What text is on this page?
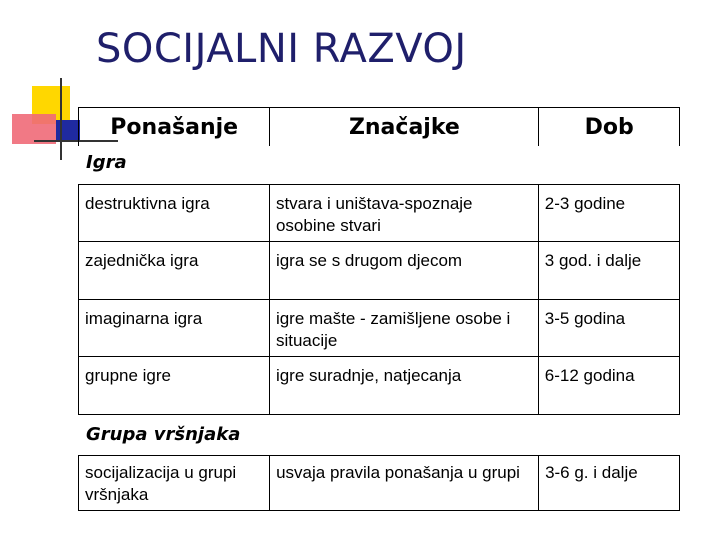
SOCIJALNI RAZVOJ
Ponašanje	Značajke	Dob
Igra
destruktivna igra	stvara i uništava-spoznaje osobine stvari	2-3 godine
zajednička igra	igra se s drugom djecom	3 god. i dalje
imaginarna igra	igre mašte - zamišljene osobe i situacije	3-5 godina
grupne igre	igre suradnje, natjecanja	6-12 godina
Grupa vršnjaka
socijalizacija u grupi vršnjaka	usvaja pravila ponašanja u grupi	3-6 g. i dalje
